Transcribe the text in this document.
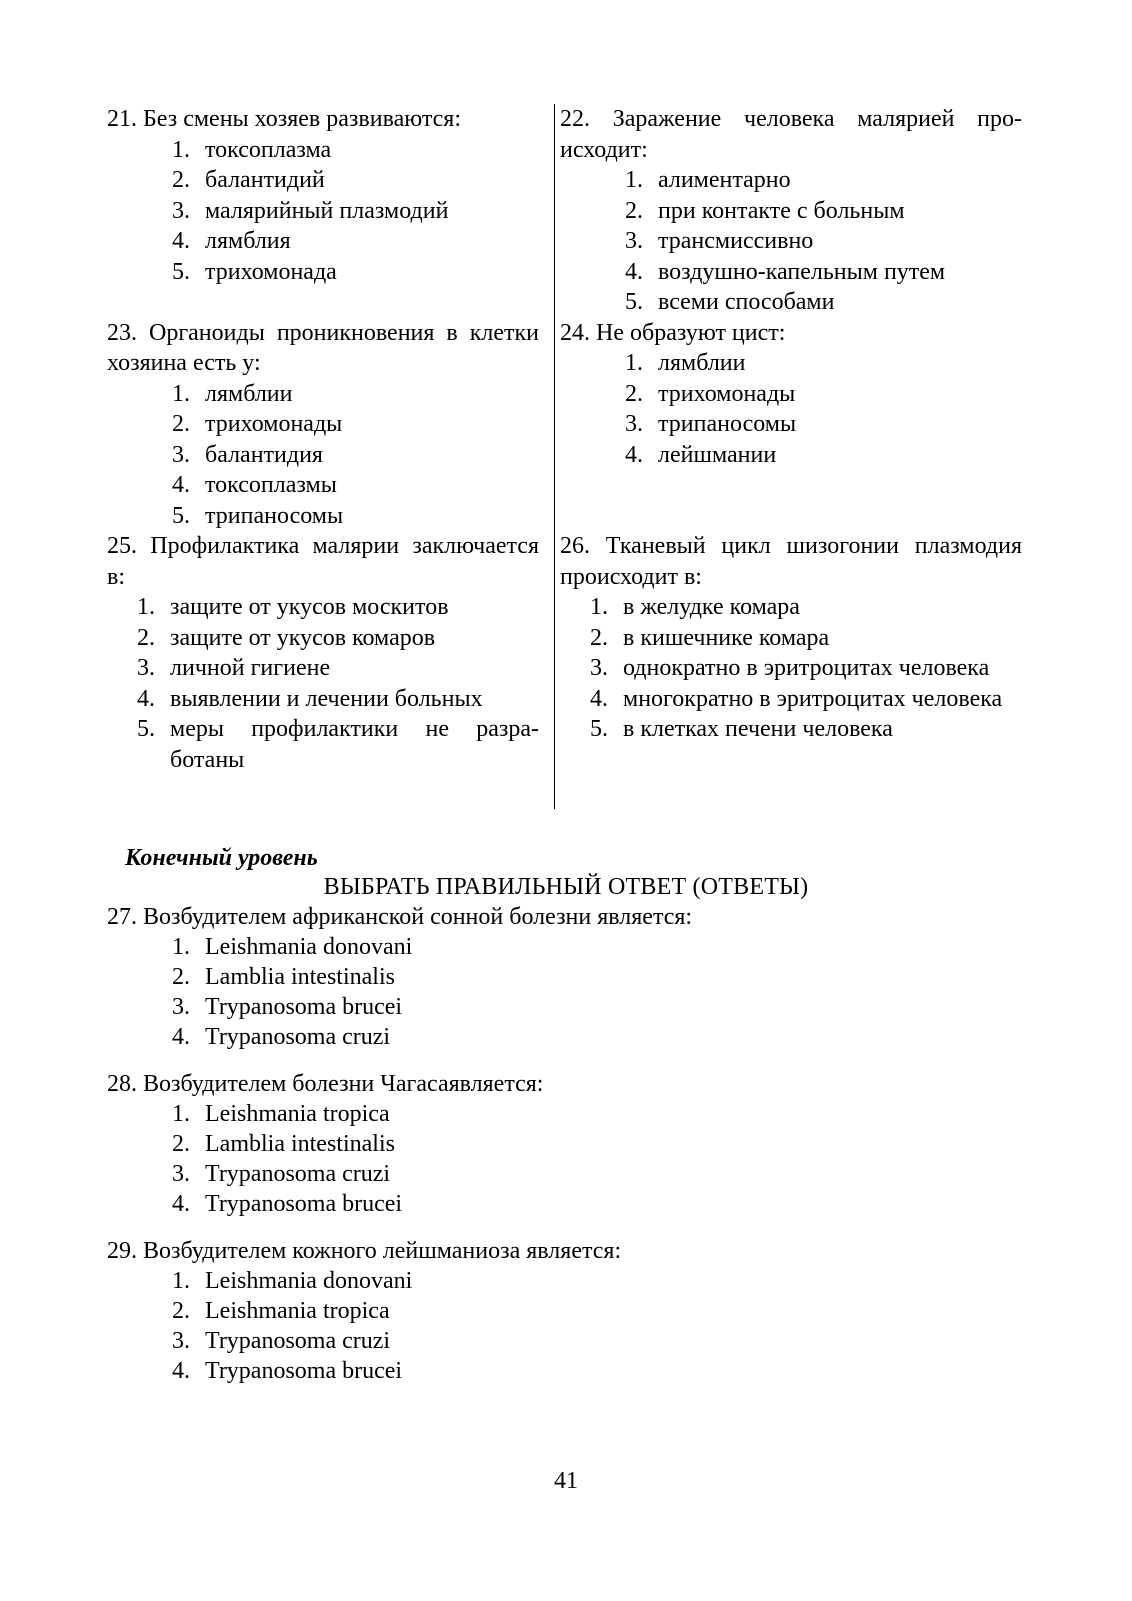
21. Без смены хозяев развиваются:
1. токсоплазма
2. балантидий
3. малярийный плазмодий
4. лямблия
5. трихомонада
22. Заражение человека малярией происходит:
1. алиментарно
2. при контакте с больным
3. трансмиссивно
4. воздушно-капельным путем
5. всеми способами
23. Органоиды проникновения в клетки хозяина есть у:
1. лямблии
2. трихомонады
3. балантидия
4. токсоплазмы
5. трипаносомы
24. Не образуют цист:
1. лямблии
2. трихомонады
3. трипаносомы
4. лейшмании
25. Профилактика малярии заключается в:
1. защите от укусов москитов
2. защите от укусов комаров
3. личной гигиене
4. выявлении и лечении больных
5. меры профилактики не разработаны
26. Тканевый цикл шизогонии плазмодия происходит в:
1. в желудке комара
2. в кишечнике комара
3. однократно в эритроцитах человека
4. многократно в эритроцитах человека
5. в клетках печени человека
Конечный уровень
ВЫБРАТЬ ПРАВИЛЬНЫЙ ОТВЕТ (ОТВЕТЫ)
27. Возбудителем африканской сонной болезни является:
1. Leishmania donovani
2. Lamblia intestinalis
3. Trypanosoma brucei
4. Trypanosoma cruzi
28. Возбудителем болезни Чагасаявляется:
1. Leishmania tropica
2. Lamblia intestinalis
3. Trypanosoma cruzi
4. Trypanosoma brucei
29. Возбудителем кожного лейшманиоза является:
1. Leishmania donovani
2. Leishmania tropica
3. Trypanosoma cruzi
4. Trypanosoma brucei
41
